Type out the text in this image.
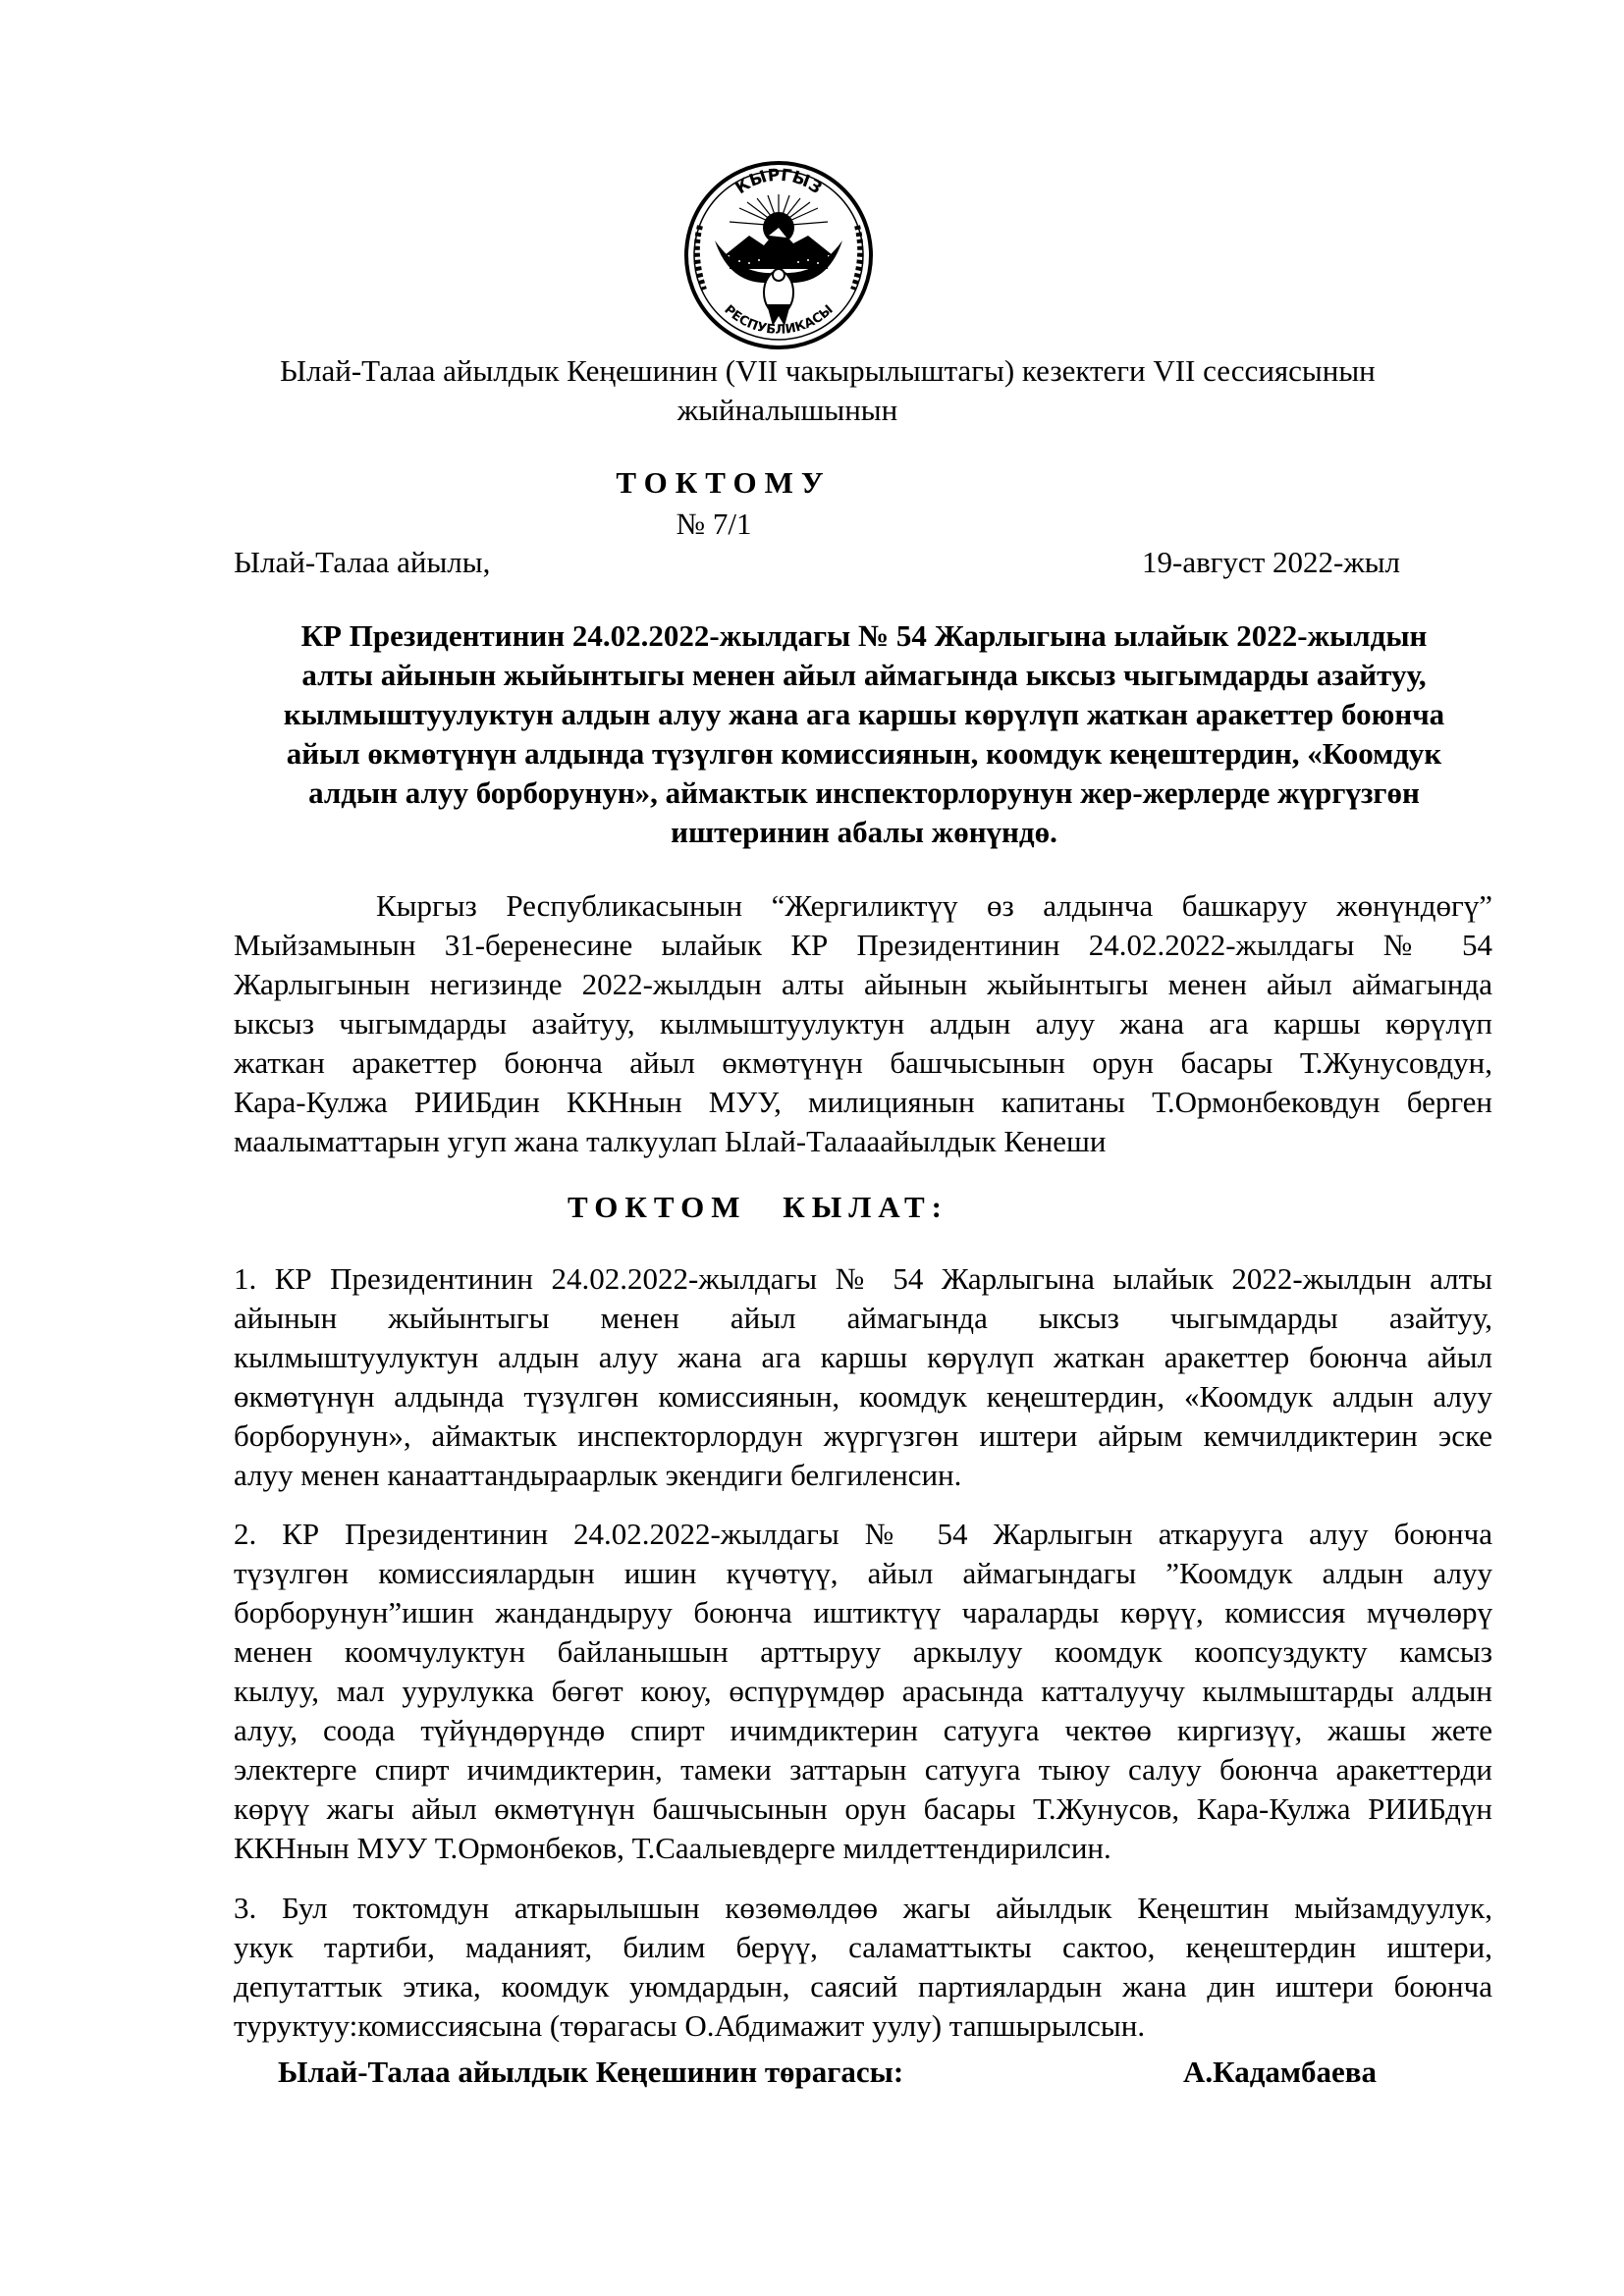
КЫРГЫЗ
РЕСПУБЛИКАСЫ
Ылай-Талаа айылдык Кеңешинин (VII чакырылыштагы) кезектеги VII сессиясынын
жыйналышынын
ТОКТОМУ
№ 7/1
Ылай-Талаа айылы,	19-август 2022-жыл
КР Президентинин 24.02.2022-жылдагы № 54 Жарлыгына ылайык 2022-жылдын
алты айынын жыйынтыгы менен айыл аймагында ыксыз чыгымдарды азайтуу,
кылмыштуулуктун алдын алуу жана ага каршы көрүлүп жаткан аракеттер боюнча
айыл өкмөтүнүн алдында түзүлгөн комиссиянын, коомдук кеңештердин, «Коомдук
алдын алуу борборунун», аймактык инспекторлорунун жер-жерлерде жүргүзгөн
иштеринин абалы жөнүндө.
Кыргыз Республикасынын “Жергиликтүү өз алдынча башкаруу жөнүндөгү”
Мыйзамынын 31-беренесине ылайык КР Президентинин 24.02.2022-жылдагы № 54
Жарлыгынын негизинде 2022-жылдын алты айынын жыйынтыгы менен айыл аймагында
ыксыз чыгымдарды азайтуу, кылмыштуулуктун алдын алуу жана ага каршы көрүлүп
жаткан аракеттер боюнча айыл өкмөтүнүн башчысынын орун басары Т.Жунусовдун,
Кара-Кулжа РИИБдин ККНнын МУУ, милициянын капитаны Т.Ормонбековдун берген
маалыматтарын угуп жана талкуулап Ылай-Талааайылдык Кенеши
ТОКТОМ КЫЛАТ:
1. КР Президентинин 24.02.2022-жылдагы № 54 Жарлыгына ылайык 2022-жылдын алты
айынын жыйынтыгы менен айыл аймагында ыксыз чыгымдарды азайтуу,
кылмыштуулуктун алдын алуу жана ага каршы көрүлүп жаткан аракеттер боюнча айыл
өкмөтүнүн алдында түзүлгөн комиссиянын, коомдук кеңештердин, «Коомдук алдын алуу
борборунун», аймактык инспекторлордун жүргүзгөн иштери айрым кемчилдиктерин эске
алуу менен канааттандыраарлык экендиги белгиленсин.
2. КР Президентинин 24.02.2022-жылдагы № 54 Жарлыгын аткарууга алуу боюнча
түзүлгөн комиссиялардын ишин күчөтүү, айыл аймагындагы ”Коомдук алдын алуу
борборунун”ишин жандандыруу боюнча иштиктүү чараларды көрүү, комиссия мүчөлөрү
менен коомчулуктун байланышын арттыруу аркылуу коомдук коопсуздукту камсыз
кылуу, мал уурулукка бөгөт коюу, өспүрүмдөр арасында катталуучу кылмыштарды алдын
алуу, соода түйүндөрүндө спирт ичимдиктерин сатууга чектөө киргизүү, жашы жете
электерге спирт ичимдиктерин, тамеки заттарын сатууга тыюу салуу боюнча аракеттерди
көрүү жагы айыл өкмөтүнүн башчысынын орун басары Т.Жунусов, Кара-Кулжа РИИБдүн
ККНнын МУУ Т.Ормонбеков, Т.Саалыевдерге милдеттендирилсин.
3. Бул токтомдун аткарылышын көзөмөлдөө жагы айылдык Кеңештин мыйзамдуулук,
укук тартиби, маданият, билим берүү, саламаттыкты сактоо, кеңештердин иштери,
депутаттык этика, коомдук уюмдардын, саясий партиялардын жана дин иштери боюнча
туруктуу:комиссиясына (төрагасы О.Абдимажит уулу) тапшырылсын.
Ылай-Талаа айылдык Кеңешинин төрагасы:	А.Кадамбаева
